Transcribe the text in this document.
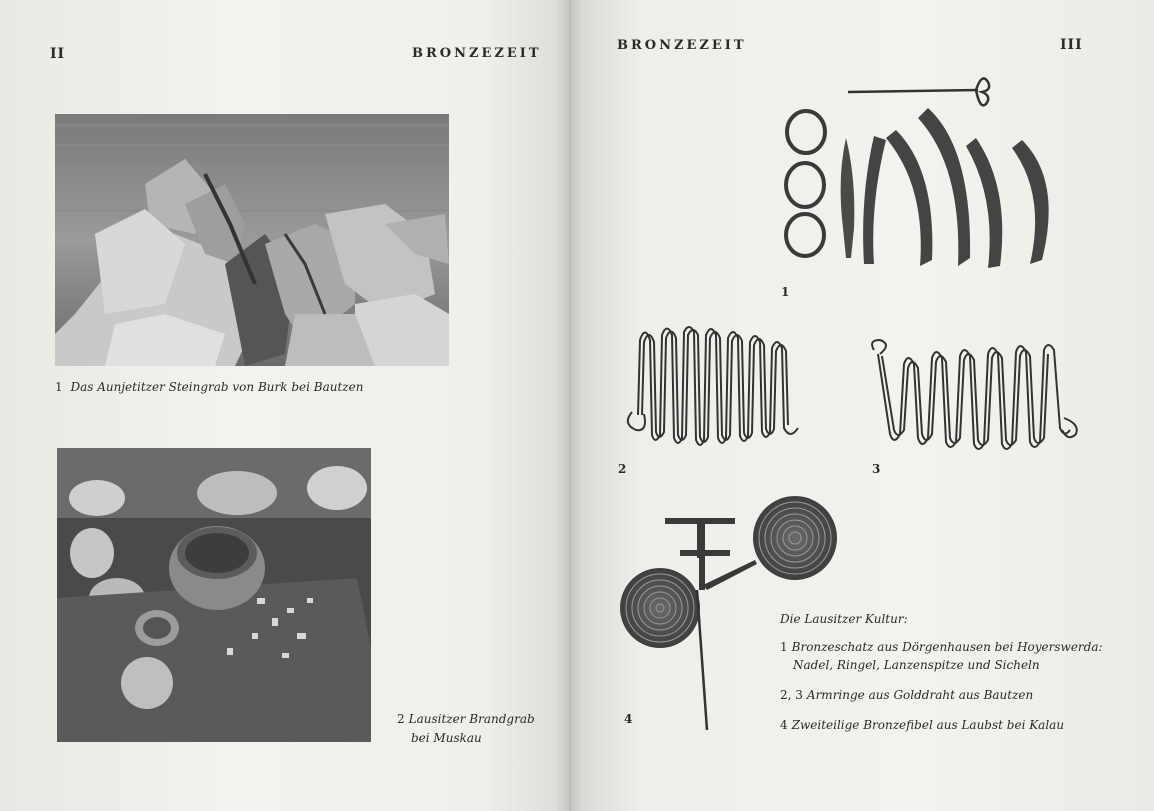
II	BRONZEZEIT
1 Das Aunjetitzer Steingrab von Burk bei Bautzen
2 Lausitzer Brandgrab
bei Muskau
BRONZEZEIT	III
1
2	3
4
Die Lausitzer Kultur:
1 Bronzeschatz aus Dörgenhausen bei Hoyerswerda:
Nadel, Ringel, Lanzenspitze und Sicheln
2, 3 Armringe aus Golddraht aus Bautzen
4 Zweiteilige Bronzefibel aus Laubst bei Kalau
